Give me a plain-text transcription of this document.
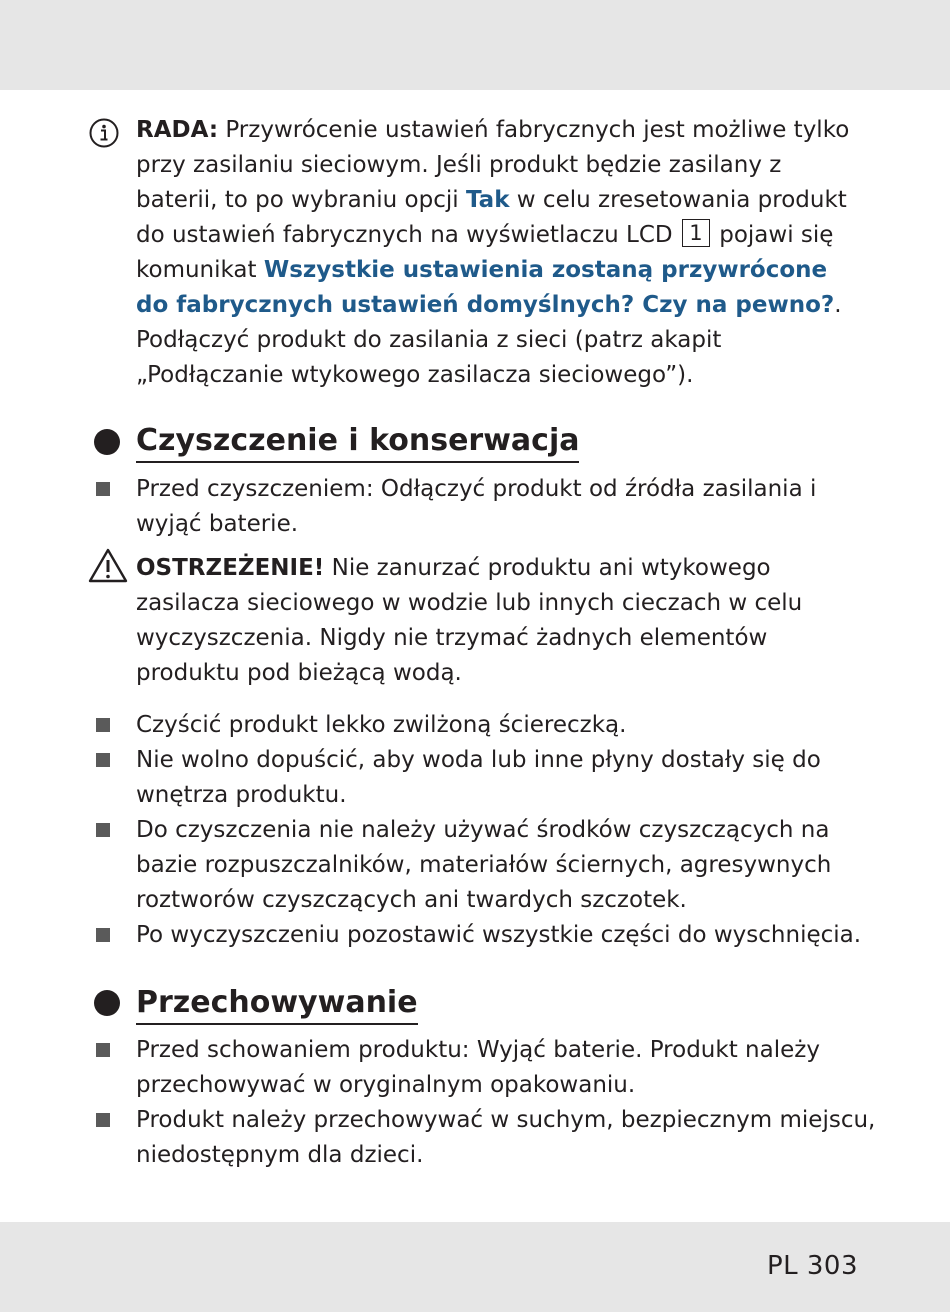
RADA: Przywrócenie ustawień fabrycznych jest możliwe tylko przy zasilaniu sieciowym. Jeśli produkt będzie zasilany z baterii, to po wybraniu opcji Tak w celu zresetowania produkt do ustawień fabrycznych na wyświetlaczu LCD 1 pojawi się komunikat Wszystkie ustawienia zostaną przywrócone do fabrycznych ustawień domyślnych? Czy na pewno?. Podłączyć produkt do zasilania z sieci (patrz akapit „Podłączanie wtykowego zasilacza sieciowego”).
Czyszczenie i konserwacja
Przed czyszczeniem: Odłączyć produkt od źródła zasilania i wyjąć baterie.
OSTRZEŻENIE! Nie zanurzać produktu ani wtykowego zasilacza sieciowego w wodzie lub innych cieczach w celu wyczyszczenia. Nigdy nie trzymać żadnych elementów produktu pod bieżącą wodą.
Czyścić produkt lekko zwilżoną ściereczką.
Nie wolno dopuścić, aby woda lub inne płyny dostały się do wnętrza produktu.
Do czyszczenia nie należy używać środków czyszczących na bazie rozpuszczalników, materiałów ściernych, agresywnych roztworów czyszczących ani twardych szczotek.
Po wyczyszczeniu pozostawić wszystkie części do wyschnięcia.
Przechowywanie
Przed schowaniem produktu: Wyjąć baterie. Produkt należy przechowywać w oryginalnym opakowaniu.
Produkt należy przechowywać w suchym, bezpiecznym miejscu, niedostępnym dla dzieci.
PL 303
